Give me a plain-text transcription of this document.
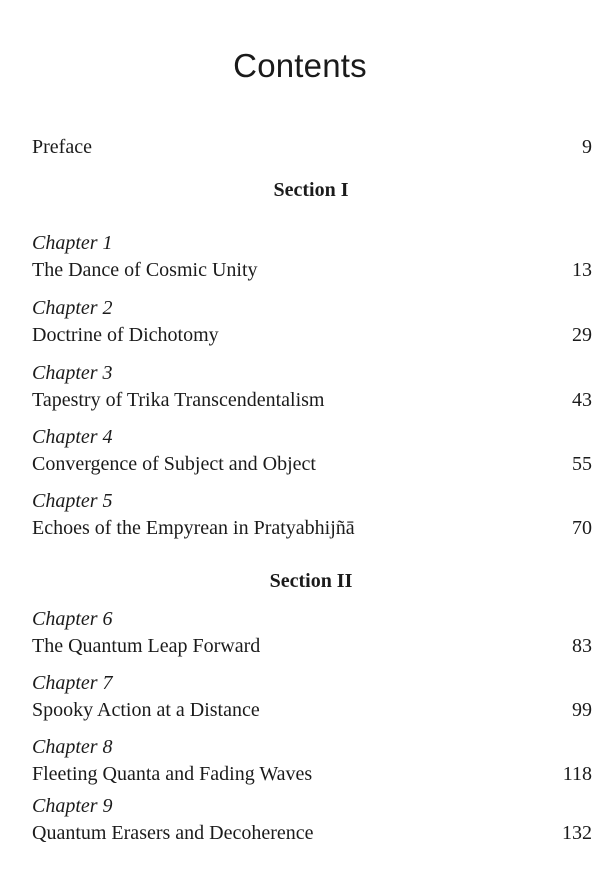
Contents
Preface	9
Section I
Chapter 1
The Dance of Cosmic Unity	13
Chapter 2
Doctrine of Dichotomy	29
Chapter 3
Tapestry of Trika Transcendentalism	43
Chapter 4
Convergence of Subject and Object	55
Chapter 5
Echoes of the Empyrean in Pratyabhijñā	70
Section II
Chapter 6
The Quantum Leap Forward	83
Chapter 7
Spooky Action at a Distance	99
Chapter 8
Fleeting Quanta and Fading Waves	118
Chapter 9
Quantum Erasers and Decoherence	132
